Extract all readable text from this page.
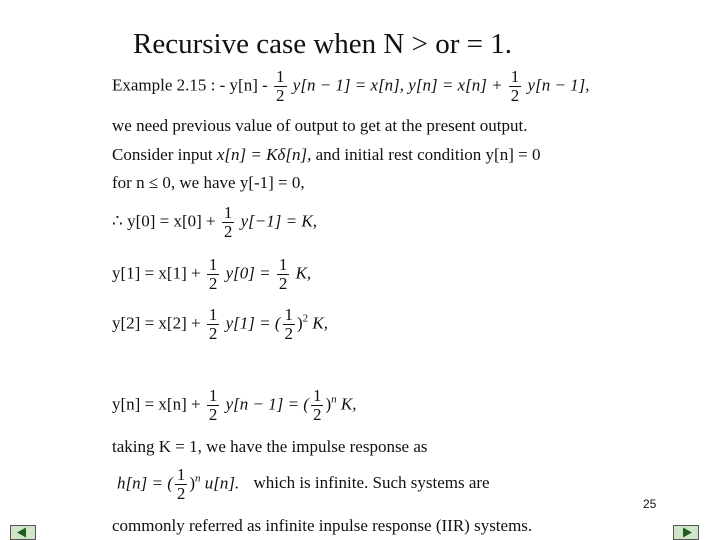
Recursive case when N > or = 1.
Example 2.15 : - $y[n] - \frac{1}{2} y[n - 1] = x[n]$, $y[n] = x[n] + \frac{1}{2} y[n - 1]$,
we need previous value of output to get at the present output.
Consider input x[n] = Kδ[n], and initial rest condition y[n] = 0
for n ≤ 0, we have y[-1] = 0,
∴ $y[0] = x[0] + \frac{1}{2} y[-1] = K$,
$y[1] = x[1] + \frac{1}{2} y[0] = \frac{1}{2} K$,
$y[2] = x[2] + \frac{1}{2} y[1]$ = ( $\frac{1}{2} )^2$ K,
$y[n] = x[n] + \frac{1}{2} y[n - 1]$ = ( $\frac{1}{2} )^n$ K,
taking K = 1, we have the impulse response as
h[n] = ( $\frac{1}{2} )^n$ u[n]. which is infinite. Such systems are
25
commonly referred as infinite inpulse response (IIR) systems.
